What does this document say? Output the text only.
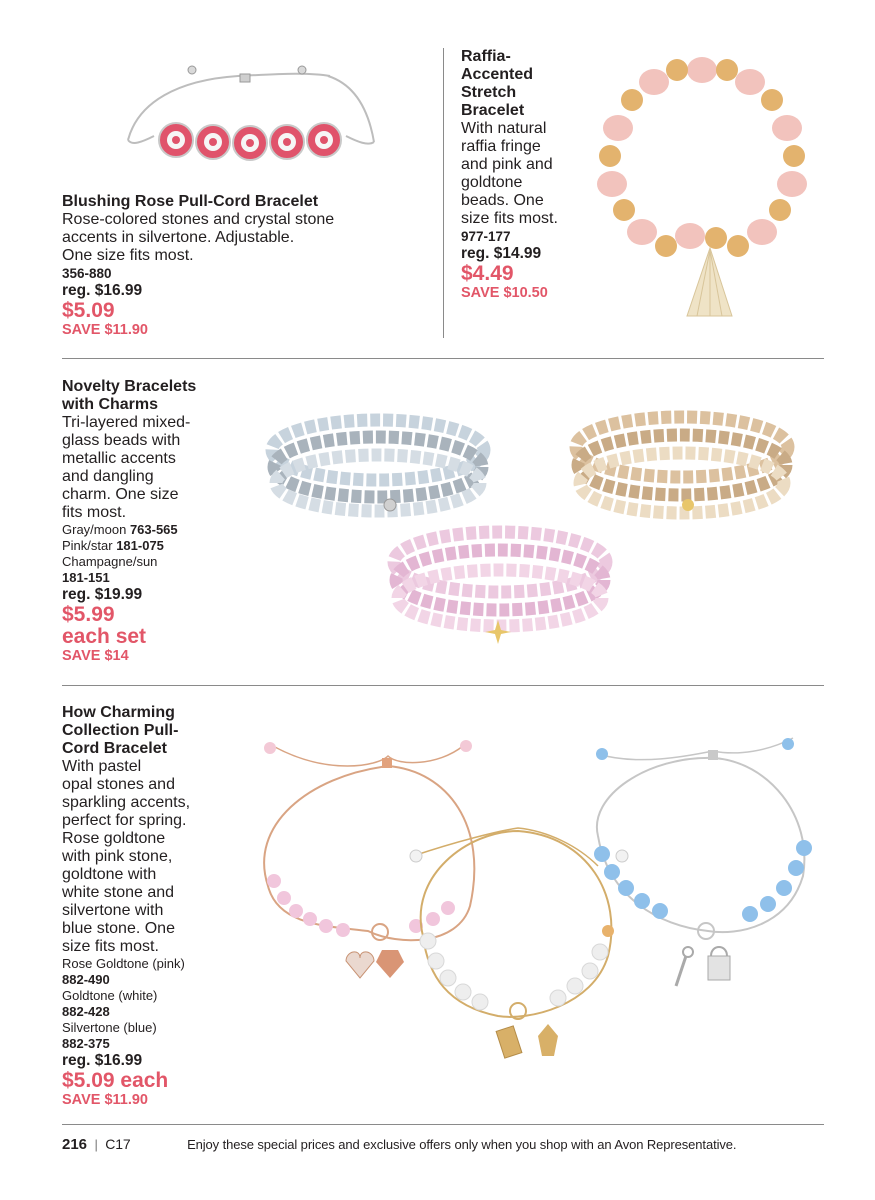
Blushing Rose Pull-Cord Bracelet

Rose-colored stones and crystal stone

accents in silvertone. Adjustable.

One size fits most.

356-880
reg. $16.99
$5.09
SAVE $11.90

Raffia-

Accented

Stretch

Bracelet

With natural

raffia fringe

and pink and

goldtone

beads. One

size fits most.

977-177
reg. $14.99
$4.49
SAVE $10.50

Novelty Bracelets

with Charms

Tri-layered mixed-

glass beads with

metallic accents

and dangling

charm. One size

fits most.

Gray/moon 763-565
Pink/star 181-075
Champagne/sun
181-151
reg. $19.99
$5.99
each set
SAVE $14

How Charming

Collection Pull-

Cord Bracelet

With pastel

opal stones and

sparkling accents,

perfect for spring.

Rose goldtone

with pink stone,

goldtone with

white stone and

silvertone with

blue stone. One

size fits most.

Rose Goldtone (pink)
882-490
Goldtone (white)
882-428
Silvertone (blue)
882-375
reg. $16.99
$5.09 each
SAVE $11.90
216 | C17	Enjoy these special prices and exclusive offers only when you shop with an Avon Representative.
